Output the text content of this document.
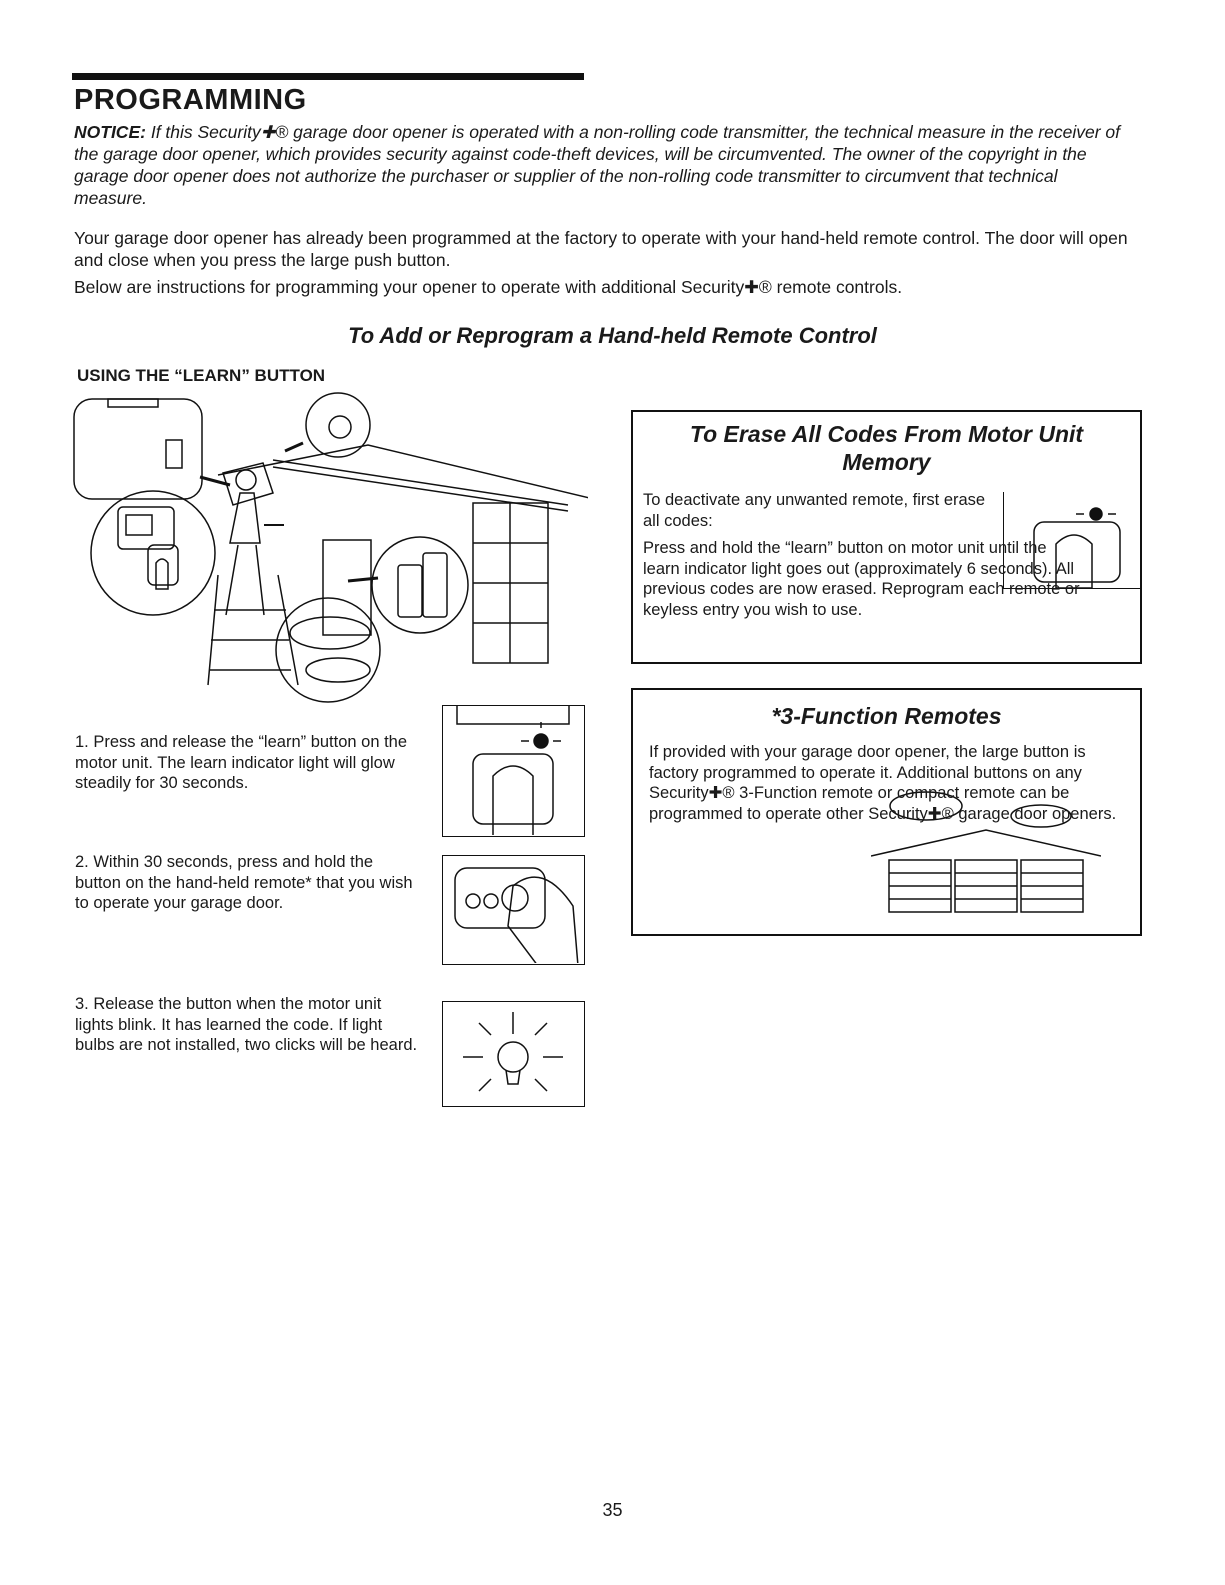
PROGRAMMING
NOTICE: If this Security✚® garage door opener is operated with a non-rolling code transmitter, the technical measure in the receiver of the garage door opener, which provides security against code-theft devices, will be circumvented. The owner of the copyright in the garage door opener does not authorize the purchaser or supplier of the non-rolling code transmitter to circumvent that technical measure.
Your garage door opener has already been programmed at the factory to operate with your hand-held remote control. The door will open and close when you press the large push button.
Below are instructions for programming your opener to operate with additional Security✚® remote controls.
To Add or Reprogram a Hand-held Remote Control
USING THE “LEARN” BUTTON
1. Press and release the “learn” button on the motor unit. The learn indicator light will glow steadily for 30 seconds.
2. Within 30 seconds, press and hold the button on the hand-held remote* that you wish to operate your garage door.
3. Release the button when the motor unit lights blink. It has learned the code. If light bulbs are not installed, two clicks will be heard.
To Erase All Codes From Motor Unit Memory
To deactivate any unwanted remote, first erase all codes:
Press and hold the “learn” button on motor unit until the learn indicator light goes out (approximately 6 seconds). All previous codes are now erased. Reprogram each remote or keyless entry you wish to use.
*3-Function Remotes
If provided with your garage door opener, the large button is factory programmed to operate it. Additional buttons on any Security✚® 3-Function remote or compact remote can be programmed to operate other Security✚® garage door openers.
35
